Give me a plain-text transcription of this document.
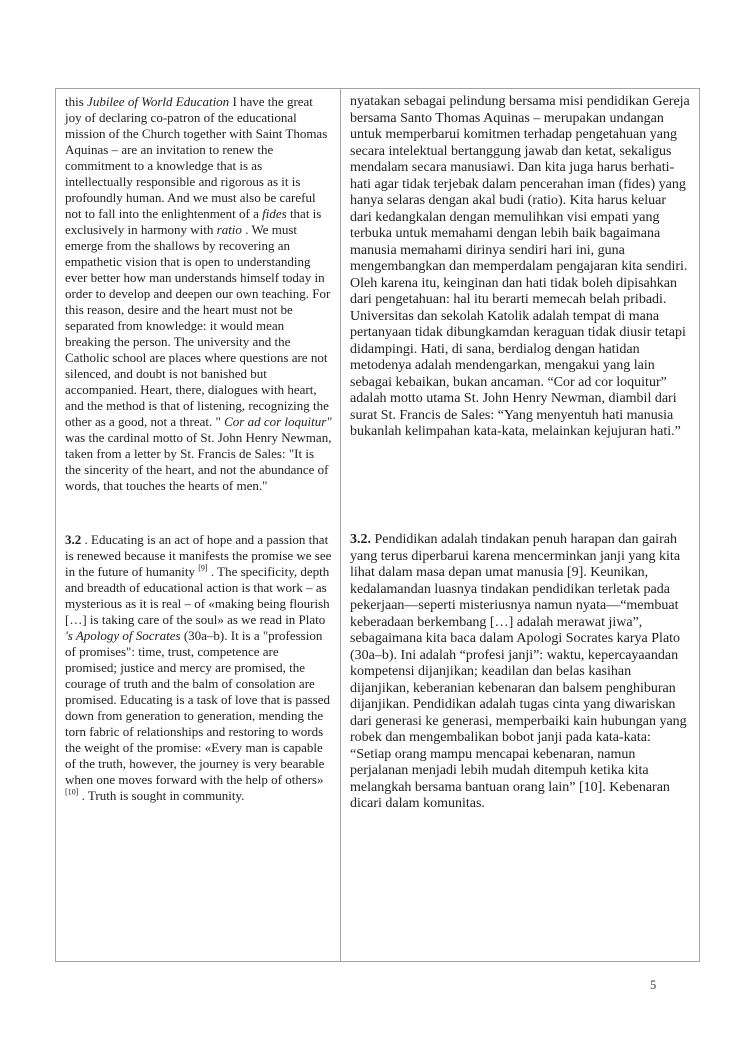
this Jubilee of World Education I have the great joy of declaring co-patron of the educational mission of the Church together with Saint Thomas Aquinas – are an invitation to renew the commitment to a knowledge that is as intellectually responsible and rigorous as it is profoundly human. And we must also be careful not to fall into the enlightenment of a fides that is exclusively in harmony with ratio . We must emerge from the shallows by recovering an empathetic vision that is open to understanding ever better how man understands himself today in order to develop and deepen our own teaching. For this reason, desire and the heart must not be separated from knowledge: it would mean breaking the person. The university and the Catholic school are places where questions are not silenced, and doubt is not banished but accompanied. Heart, there, dialogues with heart, and the method is that of listening, recognizing the other as a good, not a threat. " Cor ad cor loquitur" was the cardinal motto of St. John Henry Newman, taken from a letter by St. Francis de Sales: "It is the sincerity of the heart, and not the abundance of words, that touches the hearts of men."
nyatakan sebagai pelindung bersama misi pendidikan Gereja bersama Santo Thomas Aquinas – merupakan undangan untuk memperbarui komitmen terhadap pengetahuan yang secara intelektual bertanggung jawab dan ketat, sekaligus mendalam secara manusiawi. Dan kita juga harus berhati-hati agar tidak terjebak dalam pencerahan iman (fides) yang hanya selaras dengan akal budi (ratio). Kita harus keluar dari kedangkalan dengan memulihkan visi empati yang terbuka untuk memahami dengan lebih baik bagaimana manusia memahami dirinya sendiri hari ini, guna mengembangkan dan memperdalam pengajaran kita sendiri. Oleh karena itu, keinginan dan hati tidak boleh dipisahkan dari pengetahuan: hal itu berarti memecah belah pribadi. Universitas dan sekolah Katolik adalah tempat di mana pertanyaan tidak dibungkamdan keraguan tidak diusir tetapi didampingi. Hati, di sana, berdialog dengan hatidan metodenya adalah mendengarkan, mengakui yang lain sebagai kebaikan, bukan ancaman. “Cor ad cor loquitur” adalah motto utama St. John Henry Newman, diambil dari surat St. Francis de Sales: “Yang menyentuh hati manusia bukanlah kelimpahan kata-kata, melainkan kejujuran hati.”
3.2 . Educating is an act of hope and a passion that is renewed because it manifests the promise we see in the future of humanity [9] . The specificity, depth and breadth of educational action is that work – as mysterious as it is real – of «making being flourish […] is taking care of the soul» as we read in Plato 's Apology of Socrates (30a–b). It is a "profession of promises": time, trust, competence are promised; justice and mercy are promised, the courage of truth and the balm of consolation are promised. Educating is a task of love that is passed down from generation to generation, mending the torn fabric of relationships and restoring to words the weight of the promise: «Every man is capable of the truth, however, the journey is very bearable when one moves forward with the help of others» [10] . Truth is sought in community.
3.2. Pendidikan adalah tindakan penuh harapan dan gairah yang terus diperbarui karena mencerminkan janji yang kita lihat dalam masa depan umat manusia [9]. Keunikan, kedalamandan luasnya tindakan pendidikan terletak pada pekerjaan—seperti misteriusnya namun nyata—“membuat keberadaan berkembang […] adalah merawat jiwa”, sebagaimana kita baca dalam Apologi Socrates karya Plato (30a–b). Ini adalah “profesi janji”: waktu, kepercayaandan kompetensi dijanjikan; keadilan dan belas kasihan dijanjikan, keberanian kebenaran dan balsem penghiburan dijanjikan. Pendidikan adalah tugas cinta yang diwariskan dari generasi ke generasi, memperbaiki kain hubungan yang robek dan mengembalikan bobot janji pada kata-kata: “Setiap orang mampu mencapai kebenaran, namun perjalanan menjadi lebih mudah ditempuh ketika kita melangkah bersama bantuan orang lain” [10]. Kebenaran dicari dalam komunitas.
5
